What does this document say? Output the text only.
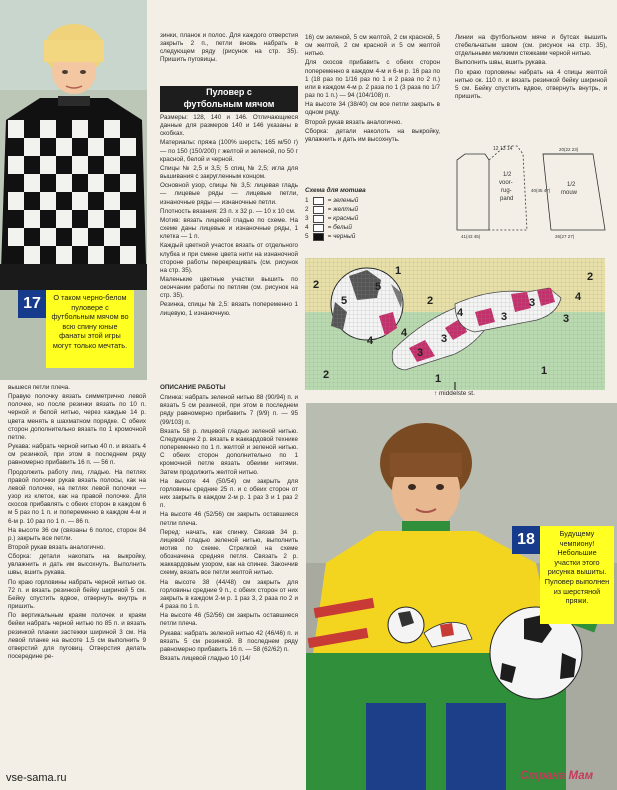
17	О таком черно-белом пуловере с футбольным мячом во всю спину юные фанаты этой игры могут только мечтать.

вышеся петли плеча.

Правую полочку вязать симметрично левой полочке, но после резинки вязать по 10 п. черной и белой нитью, через каждые 14 р. цвета менять в шахматном порядке. С обеих сторон дополнительно вязать по 1 кромочной петле.

Рукава: набрать черной нитью 40 п. и вязать 4 см резинкой, при этом в последнем ряду равномерно прибавить 16 п. — 56 п.

Продолжить работу лиц. гладью. На петлях правой полочки рукав вязать полосы, как на левой полочке, на петлях левой полочки — узор из клеток, как на правой полочке. Для скосов прибавлять с обеих сторон в каждом 6 м 5 раз по 1 п. и попеременно в каждом 4-м и 6-м р. 10 раз по 1 п. — 86 п.

На высоте 36 см (связаны 6 полос, сторон 84 р.) закрыть все петли.

Второй рукав вязать аналогично.

Сборка: детали накопать на выкройку, увлажнить и дать им высохнуть. Выполнить швы, вшить рукава.

По краю горловины набрать черной нитью ок. 72 п. и вязать резинкой бейку шириной 5 см. Бейку спустить вдвое, отвернуть внутрь и пришить.

По вертикальным краям полочек и краям бейки набрать черной нитью по 85 п. и вязать резинкой планки застежки шириной 3 см. На левой планке на высоте 1,5 см выполнить 9 отверстий для пуговиц. Отверстия делать посередине ре-

зинки, планок и полос. Для каждого отверстия закрыть 2 п., петли вновь набрать в следующем ряду (рисунок на стр. 35). Пришить пуговицы.

Пуловер с
футбольным мячом

Размеры: 128, 140 и 146. Отличающиеся данные для размеров 140 и 146 указаны в скобках.

Материалы: пряжа (100% шерсть; 165 м/50 г) — по 150 (150/200) г желтой и зеленой, по 50 г красной, белой и черной.

Спицы № 2,5 и 3,5; 5 спиц № 2,5; игла для вышивания с закругленным концом.

Основной узор, спицы № 3,5: лицевая гладь — лицевые ряды — лицевые петли, изнаночные ряды — изнаночные петли.

Плотность вязания: 23 п. х 32 р. — 10 х 10 см.

Мотив: вязать лицевой гладью по схеме. На схеме даны лицевые и изнаночные ряды, 1 клетка — 1 п.

Каждый цветной участок вязать от отдельного клубка и при смене цвета нити на изнаночной стороне работы перекрещивать (см. рисунок на стр. 35).

Маленькие цветные участки вышить по окончании работы по петлям (см. рисунок на стр. 35).

Резинка, спицы № 2,5: вязать попеременно 1 лицевую, 1 изнаночную.

ОПИСАНИЕ РАБОТЫ

Спинка: набрать зеленой нитью 88 (90/94) п. и вязать 5 см резинкой, при этом в последнем ряду равномерно прибавить 7 (9/9) п. — 95 (99/103) п.

Вязать 58 р. лицевой гладью зеленой нитью. Следующие 2 р. вязать в жаккардовой технике попеременно по 1 п. желтой и зеленой нитью. С обеих сторон дополнительно по 1 кромочной петле вязать обеими нитями. Затем продолжить желтой нитью.

На высоте 44 (50/54) см закрыть для горловины средние 25 п. и с обеих сторон от них закрыть в каждом 2-м р. 1 раз 3 и 1 раз 2 п.

На высоте 46 (52/56) см закрыть оставшиеся петли плеча.

Перед: начать, как спинку. Связав 34 р. лицевой гладью зеленой нитью, выполнить мотив по схеме. Стрелкой на схеме обозначена средняя петля. Связать 2 р. жаккардовым узором, как на спинке. Закончив схему, вязать все петли желтой нитью.

На высоте 38 (44/48) см закрыть для горловины средние 9 п., с обеих сторон от них закрыть в каждом 2-м р. 1 раз 3, 2 раза по 2 и 4 раза по 1 п.

На высоте 46 (52/56) см закрыть оставшиеся петли плеча.

Рукава: набрать зеленой нитью 42 (46/46) п. и вязать 5 см резинкой. В последнем ряду равномерно прибавить 16 п. — 58 (62/62) п.

Вязать лицевой гладью 10 (14/

16) см зеленой, 5 см желтой, 2 см красной, 5 см желтой, 2 см красной и 5 см желтой нитью.

Для скосов прибавить с обеих сторон попеременно в каждом 4-м и 6-м р. 16 раз по 1 (18 раз по 1/16 раз по 1 и 2 раза по 2 п.) или в каждом 4-м р. 2 раза по 1 (3 раза по 1/7 раз по 1 п.) — 94 (104/108) п.

На высоте 34 (38/40) см все петли закрыть в одном ряду.

Второй рукав вязать аналогично.

Сборка: детали наколоть на выкройку, увлажнить и дать им высохнуть.

Линии на футбольном мяче и бутсах вышить стебельчатым швом (см. рисунок на стр. 35), отдельными мелкими стежками черной нитью.

Выполнить швы, вшить рукава.

По краю горловины набрать на 4 спицы желтой нитью ок. 110 п. и вязать резинкой бейку шириной 5 см. Бейку спустить вдвое, отвернуть внутрь, и пришить.

Схема для мотива
1	= зеленый
2	= желтый
3	= красный
4	= белый
5	= черный
12 13 14
1/2
voor-
rug-
pand
1/2
mouw
41(43 45)	26(27 27)
20(22 23)
40(45 47)
2
5
1
5
2
2
4
3
3
3
3
1
4
4
2
1
3
4
↑ middelste st.
18	Будущему чемпиону! Небольшие участки этого рисунка вышиты. Пуловер выполнен из шерстяной пряжи.
vse-sama.ru	Страна Мам
